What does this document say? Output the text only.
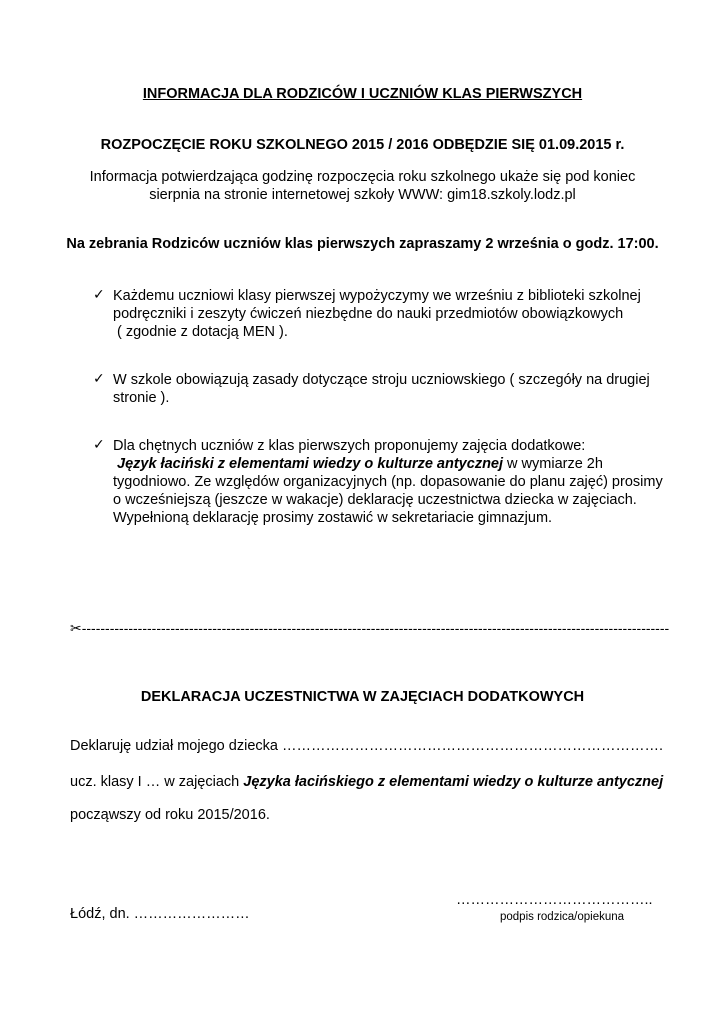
INFORMACJA DLA RODZICÓW I UCZNIÓW KLAS PIERWSZYCH
ROZPOCZĘCIE ROKU SZKOLNEGO 2015 / 2016 ODBĘDZIE SIĘ 01.09.2015 r.
Informacja potwierdzająca godzinę rozpoczęcia roku szkolnego ukaże się pod koniec
sierpnia na stronie internetowej szkoły WWW: gim18.szkoly.lodz.pl
Na zebrania Rodziców uczniów klas pierwszych zapraszamy 2 września o godz. 17:00.
✓ Każdemu uczniowi klasy pierwszej wypożyczymy we wrześniu z biblioteki szkolnej
podręczniki i zeszyty ćwiczeń niezbędne do nauki przedmiotów obowiązkowych
( zgodnie z dotacją MEN ).
✓ W szkole obowiązują zasady dotyczące stroju uczniowskiego ( szczegóły na drugiej
stronie ).
✓ Dla chętnych uczniów z klas pierwszych proponujemy zajęcia dodatkowe:
Język łaciński z elementami wiedzy o kulturze antycznej w wymiarze 2h
tygodniowo. Ze względów organizacyjnych (np. dopasowanie do planu zajęć) prosimy
o wcześniejszą (jeszcze w wakacje) deklarację uczestnictwa dziecka w zajęciach.
Wypełnioną deklarację prosimy zostawić w sekretariacie gimnazjum.
✂------------------------------------------------------------------------------------------------------------------------------
DEKLARACJA UCZESTNICTWA W ZAJĘCIACH DODATKOWYCH
Deklaruję udział mojego dziecka …………………………………………………………………….
ucz. klasy I … w zajęciach Języka łacińskiego z elementami wiedzy o kulturze antycznej
począwszy od roku 2015/2016.
…………………………………..
Łódź, dn. ……………………	podpis rodzica/opiekuna
